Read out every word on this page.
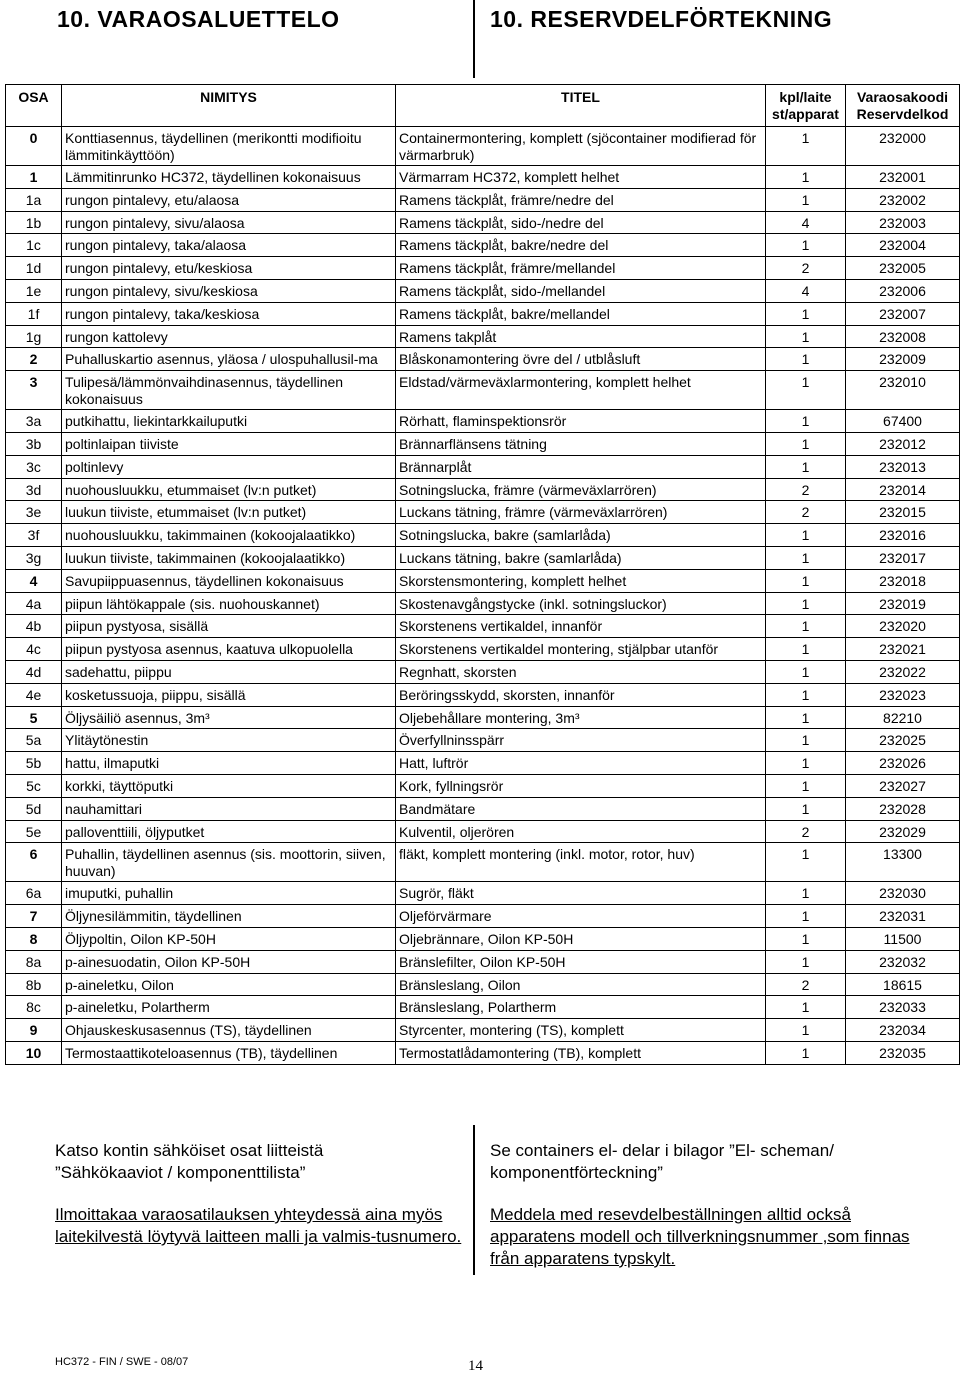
10. VARAOSALUETTELO	10. RESERVDELFÖRTEKNING
OSA	NIMITYS	TITEL	kpl/laite st/apparat	Varaosakoodi Reservdelkod
0	Konttiasennus, täydellinen (merikontti modifioitu lämmitinkäyttöön)	Containermontering, komplett (sjöcontainer modifierad för värmarbruk)	1	232000
1	Lämmitinrunko HC372, täydellinen kokonaisuus	Värmarram HC372, komplett helhet	1	232001
1a	rungon pintalevy, etu/alaosa	Ramens täckplåt, främre/nedre del	1	232002
1b	rungon pintalevy, sivu/alaosa	Ramens täckplåt, sido-/nedre del	4	232003
1c	rungon pintalevy, taka/alaosa	Ramens täckplåt, bakre/nedre del	1	232004
1d	rungon pintalevy, etu/keskiosa	Ramens täckplåt, främre/mellandel	2	232005
1e	rungon pintalevy, sivu/keskiosa	Ramens täckplåt, sido-/mellandel	4	232006
1f	rungon pintalevy, taka/keskiosa	Ramens täckplåt, bakre/mellandel	1	232007
1g	rungon kattolevy	Ramens takplåt	1	232008
2	Puhalluskartio asennus, yläosa / ulospuhallusil-ma	Blåskonamontering övre del / utblåsluft	1	232009
3	Tulipesä/lämmönvaihdinasennus, täydellinen kokonaisuus	Eldstad/värmeväxlarmontering, komplett helhet	1	232010
3a	putkihattu, liekintarkkailuputki	Rörhatt, flaminspektionsrör	1	67400
3b	poltinlaipan tiiviste	Brännarflänsens tätning	1	232012
3c	poltinlevy	Brännarplåt	1	232013
3d	nuohousluukku, etummaiset (lv:n putket)	Sotningslucka, främre (värmeväxlarrören)	2	232014
3e	luukun tiiviste, etummaiset (lv:n putket)	Luckans tätning, främre (värmeväxlarrören)	2	232015
3f	nuohousluukku, takimmainen (kokoojalaatikko)	Sotningslucka, bakre (samlarlåda)	1	232016
3g	luukun tiiviste, takimmainen (kokoojalaatikko)	Luckans tätning, bakre (samlarlåda)	1	232017
4	Savupiippuasennus, täydellinen kokonaisuus	Skorstensmontering, komplett helhet	1	232018
4a	piipun lähtökappale (sis. nuohouskannet)	Skostenavgångstycke (inkl. sotningsluckor)	1	232019
4b	piipun pystyosa, sisällä	Skorstenens vertikaldel, innanför	1	232020
4c	piipun pystyosa asennus, kaatuva ulkopuolella	Skorstenens vertikaldel montering, stjälpbar utanför	1	232021
4d	sadehattu, piippu	Regnhatt, skorsten	1	232022
4e	kosketussuoja, piippu, sisällä	Beröringsskydd, skorsten, innanför	1	232023
5	Öljysäiliö asennus, 3m³	Oljebehållare montering, 3m³	1	82210
5a	Ylitäytönestin	Överfyllninsspärr	1	232025
5b	hattu, ilmaputki	Hatt, luftrör	1	232026
5c	korkki, täyttöputki	Kork, fyllningsrör	1	232027
5d	nauhamittari	Bandmätare	1	232028
5e	palloventtiili, öljyputket	Kulventil, oljerören	2	232029
6	Puhallin, täydellinen asennus (sis. moottorin, siiven, huuvan)	fläkt, komplett montering (inkl. motor, rotor, huv)	1	13300
6a	imuputki, puhallin	Sugrör, fläkt	1	232030
7	Öljynesilämmitin, täydellinen	Oljeförvärmare	1	232031
8	Öljypoltin, Oilon KP-50H	Oljebrännare, Oilon KP-50H	1	11500
8a	p-ainesuodatin, Oilon KP-50H	Bränslefilter, Oilon KP-50H	1	232032
8b	p-aineletku, Oilon	Bränsleslang, Oilon	2	18615
8c	p-aineletku, Polartherm	Bränsleslang, Polartherm	1	232033
9	Ohjauskeskusasennus (TS), täydellinen	Styrcenter, montering (TS), komplett	1	232034
10	Termostaattikoteloasennus (TB), täydellinen	Termostatlådamontering (TB), komplett	1	232035
Katso kontin sähköiset osat liitteistä
”Sähkökaaviot / komponenttilista”
Ilmoittakaa varaosatilauksen yhteydessä aina myös laitekilvestä löytyvä laitteen malli ja valmis-tusnumero.
Se containers el- delar i bilagor ”El- scheman/
komponentförteckning”
Meddela med resevdelbeställningen alltid också apparatens modell och tillverkningsnummer ,som finnas från apparatens typskylt.
HC372 - FIN / SWE - 08/07	14
